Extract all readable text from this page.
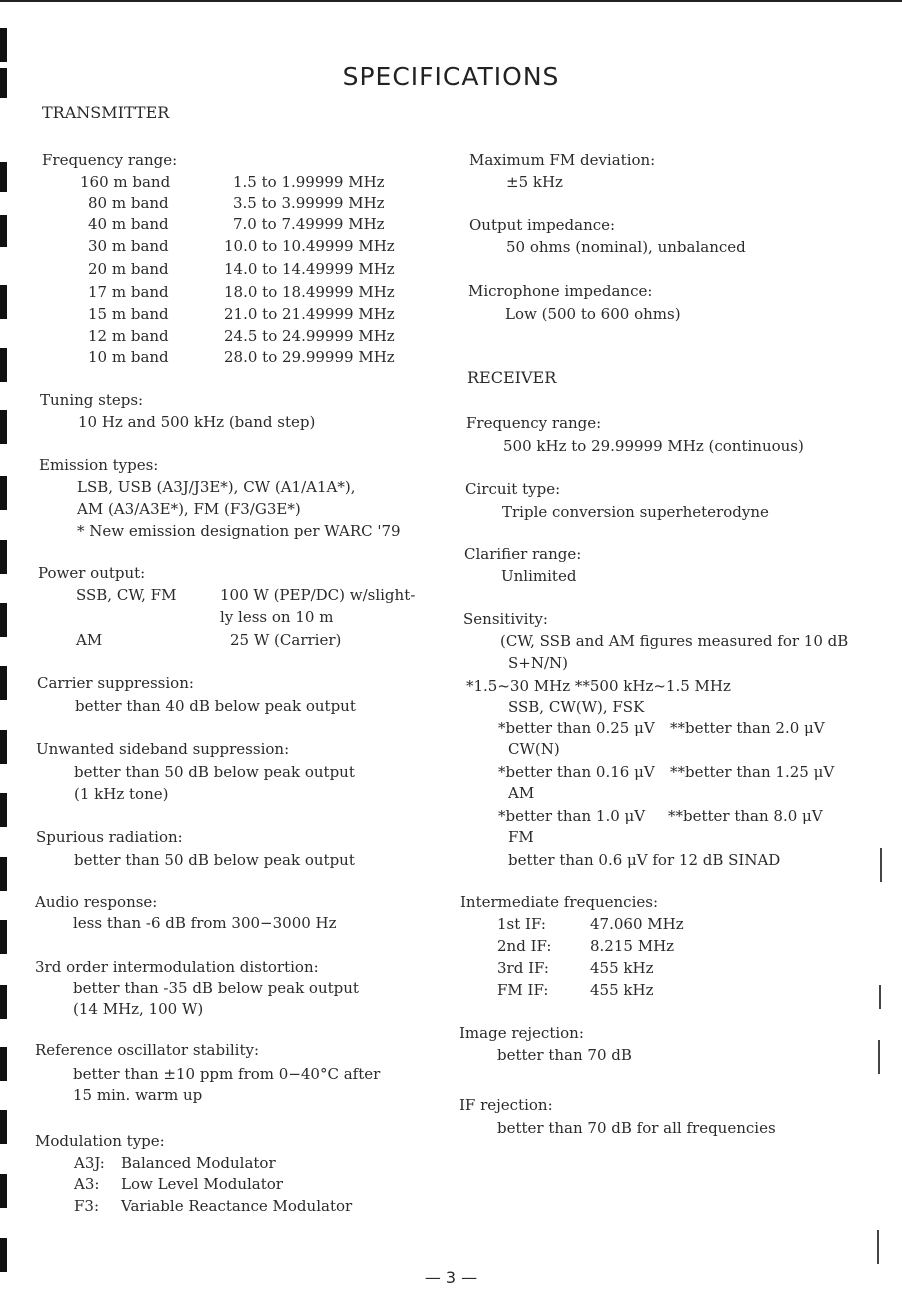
SPECIFICATIONS
TRANSMITTER
Frequency range:
160 m band	1.5 to 1.99999 MHz
80 m band	3.5 to 3.99999 MHz
40 m band	7.0 to 7.49999 MHz
30 m band	10.0 to 10.49999 MHz
20 m band	14.0 to 14.49999 MHz
17 m band	18.0 to 18.49999 MHz
15 m band	21.0 to 21.49999 MHz
12 m band	24.5 to 24.99999 MHz
10 m band	28.0 to 29.99999 MHz
Tuning steps:
10 Hz and 500 kHz (band step)
Emission types:
LSB, USB (A3J/J3E*), CW (A1/A1A*),
AM (A3/A3E*), FM (F3/G3E*)
* New emission designation per WARC '79
Power output:
SSB, CW, FM	100 W (PEP/DC) w/slight-
ly less on 10 m
AM	25 W (Carrier)
Carrier suppression:
better than 40 dB below peak output
Unwanted sideband suppression:
better than 50 dB below peak output
(1 kHz tone)
Spurious radiation:
better than 50 dB below peak output
Audio response:
less than -6 dB from 300−3000 Hz
3rd order intermodulation distortion:
better than -35 dB below peak output
(14 MHz, 100 W)
Reference oscillator stability:
better than ±10 ppm from 0−40°C after
15 min. warm up
Modulation type:
A3J: Balanced Modulator
A3: Low Level Modulator
F3: Variable Reactance Modulator
Maximum FM deviation:
±5 kHz
Output impedance:
50 ohms (nominal), unbalanced
Microphone impedance:
Low (500 to 600 ohms)
RECEIVER
Frequency range:
500 kHz to 29.99999 MHz (continuous)
Circuit type:
Triple conversion superheterodyne
Clarifier range:
Unlimited
Sensitivity:
(CW, SSB and AM figures measured for 10 dB
S+N/N)
*1.5~30 MHz **500 kHz~1.5 MHz
SSB, CW(W), FSK
*better than 0.25 μV **better than 2.0 μV
CW(N)
*better than 0.16 μV **better than 1.25 μV
AM
*better than 1.0 μV **better than 8.0 μV
FM
better than 0.6 μV for 12 dB SINAD
Intermediate frequencies:
1st IF:	47.060 MHz
2nd IF:	8.215 MHz
3rd IF:	455 kHz
FM IF:	455 kHz
Image rejection:
better than 70 dB
IF rejection:
better than 70 dB for all frequencies
— 3 —
